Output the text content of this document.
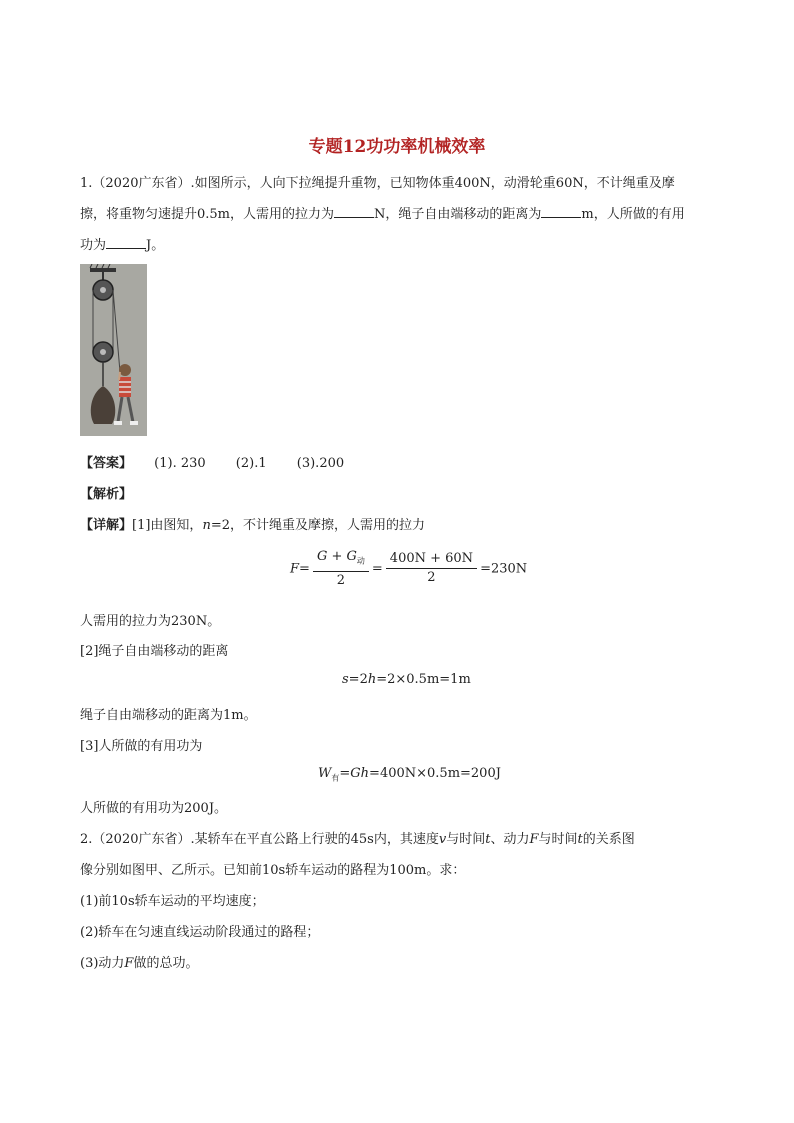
专题12功功率机械效率
1.（2020广东省）.如图所示，人向下拉绳提升重物，已知物体重400N，动滑轮重60N，不计绳重及摩
擦，将重物匀速提升0.5m，人需用的拉力为	N，绳子自由端移动的距离为	m，人所做的有用
功为	J。
【答案】 (1). 230 (2).1 (3).200
【解析】
【详解】[1]由图知，n=2，不计绳重及摩擦，人需用的拉力
$F= \frac{G + G_动}{2} = \frac{400N + 60N}{2} =230N$
人需用的拉力为230N。
[2]绳子自由端移动的距离
s=2h=2×0.5m=1m
绳子自由端移动的距离为1m。
[3]人所做的有用功为
$W_有=Gh=400N\times 0.5m=200J$
人所做的有用功为200J。
2.（2020广东省）.某轿车在平直公路上行驶的45s内，其速度v与时间t、动力F与时间t的关系图
像分别如图甲、乙所示。已知前10s轿车运动的路程为100m。求：
(1)前10s轿车运动的平均速度；
(2)轿车在匀速直线运动阶段通过的路程；
(3)动力F做的总功。
